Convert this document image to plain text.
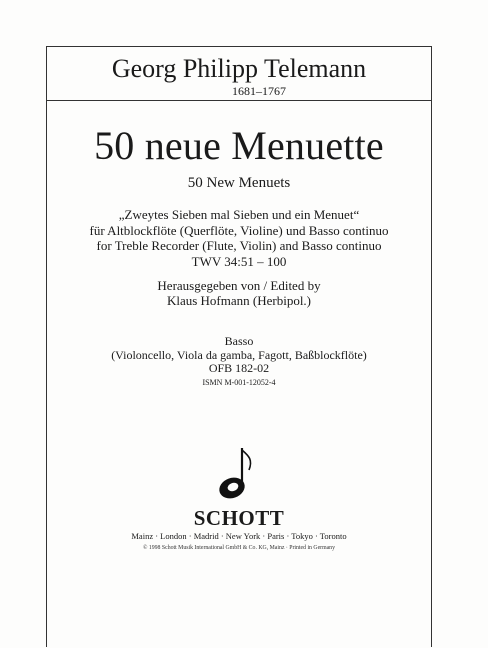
Georg Philipp Telemann
1681–1767
50 neue Menuette
50 New Menuets
„Zweytes Sieben mal Sieben und ein Menuet“
für Altblockflöte (Querflöte, Violine) und Basso continuo
for Treble Recorder (Flute, Violin) and Basso continuo
TWV 34:51 – 100
Herausgegeben von / Edited by
Klaus Hofmann (Herbipol.)
Basso
(Violoncello, Viola da gamba, Fagott, Baßblockflöte)
OFB 182-02
ISMN M-001-12052-4
SCHOTT
Mainz · London · Madrid · New York · Paris · Tokyo · Toronto
© 1998 Schott Musik International GmbH & Co. KG, Mainz · Printed in Germany
